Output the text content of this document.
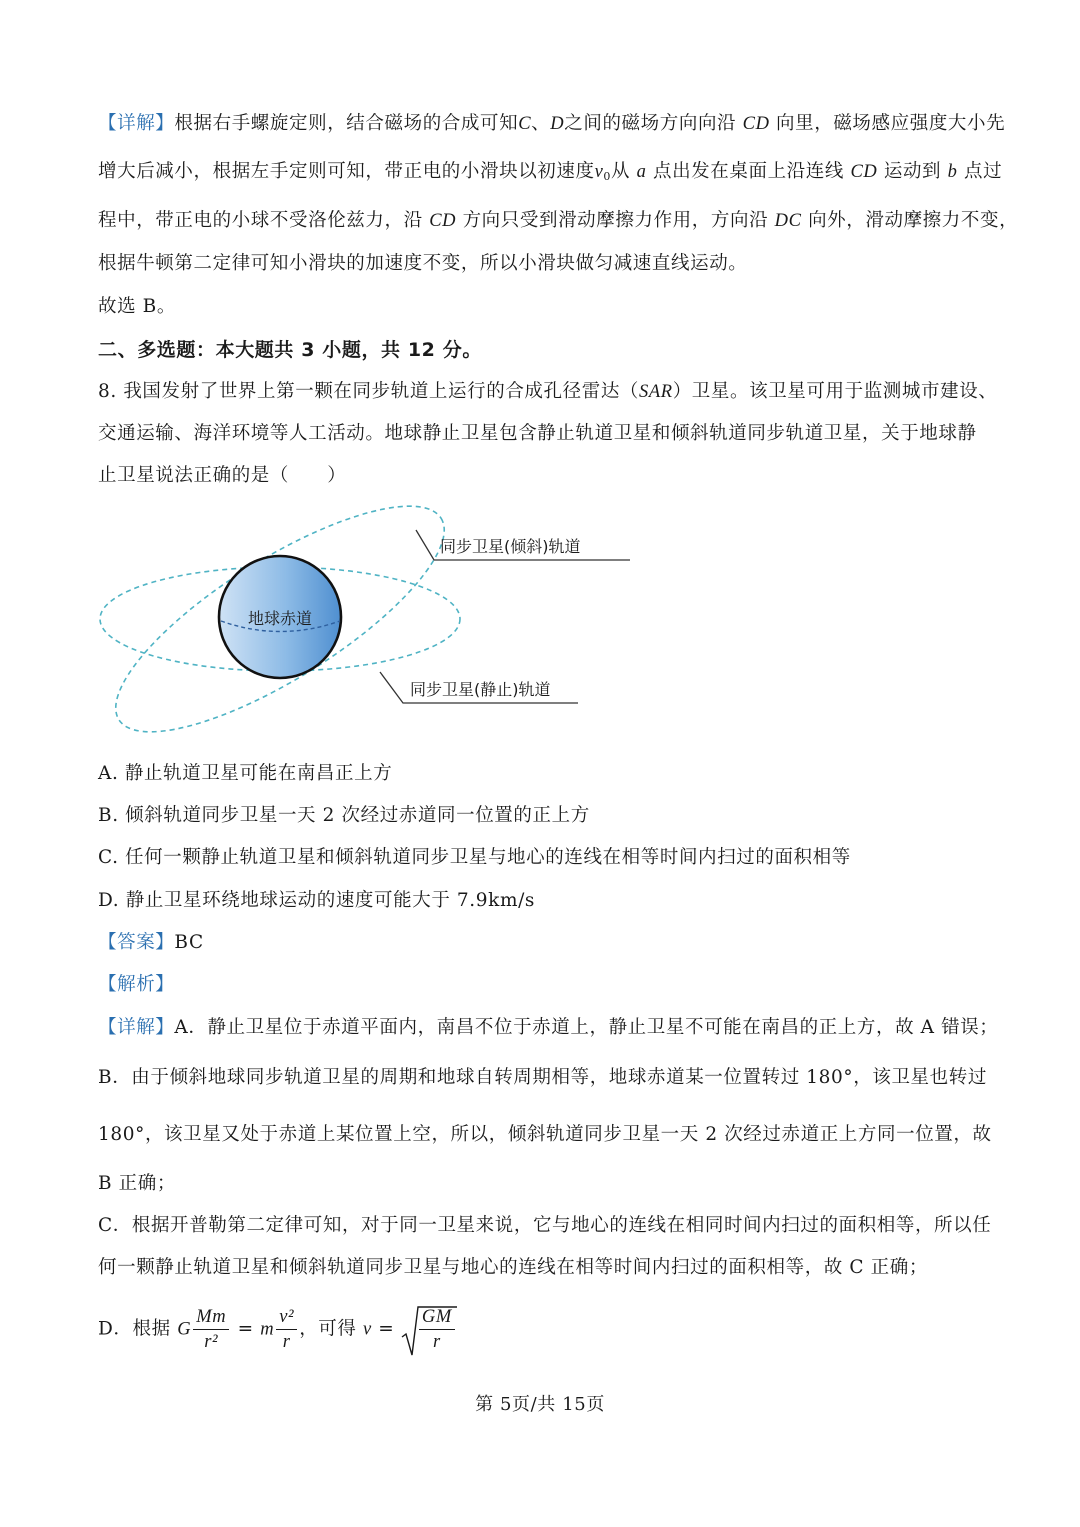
【详解】根据右手螺旋定则，结合磁场的合成可知C、D之间的磁场方向向沿 CD 向里，磁场感应强度大小先
增大后减小，根据左手定则可知，带正电的小滑块以初速度$v_0$从 a 点出发在桌面上沿连线 CD 运动到 b 点过
程中，带正电的小球不受洛伦兹力，沿 CD 方向只受到滑动摩擦力作用，方向沿 DC 向外，滑动摩擦力不变，
根据牛顿第二定律可知小滑块的加速度不变，所以小滑块做匀减速直线运动。
故选 B。
二、多选题：本大题共 3 小题，共 12 分。
8. 我国发射了世界上第一颗在同步轨道上运行的合成孔径雷达（SAR）卫星。该卫星可用于监测城市建设、
交通运输、海洋环境等人工活动。地球静止卫星包含静止轨道卫星和倾斜轨道同步轨道卫星，关于地球静
止卫星说法正确的是（　　）
地球赤道
同步卫星(倾斜)轨道
同步卫星(静止)轨道
A. 静止轨道卫星可能在南昌正上方
B. 倾斜轨道同步卫星一天 2 次经过赤道同一位置的正上方
C. 任何一颗静止轨道卫星和倾斜轨道同步卫星与地心的连线在相等时间内扫过的面积相等
D. 静止卫星环绕地球运动的速度可能大于 7.9km/s
【答案】BC
【解析】
【详解】A．静止卫星位于赤道平面内，南昌不位于赤道上，静止卫星不可能在南昌的正上方，故 A 错误；
B．由于倾斜地球同步轨道卫星的周期和地球自转周期相等，地球赤道某一位置转过 180°，该卫星也转过
180°，该卫星又处于赤道上某位置上空，所以，倾斜轨道同步卫星一天 2 次经过赤道正上方同一位置，故
B 正确；
C．根据开普勒第二定律可知，对于同一卫星来说，它与地心的连线在相同时间内扫过的面积相等，所以任
何一颗静止轨道卫星和倾斜轨道同步卫星与地心的连线在相等时间内扫过的面积相等，故 C 正确；
D．根据 G $\frac{Mm}{\text{r²}} = m \frac{\text{v²}}{r}$ ，可得 $v = \frac{GM}{r}$
第 5页/共 15页
